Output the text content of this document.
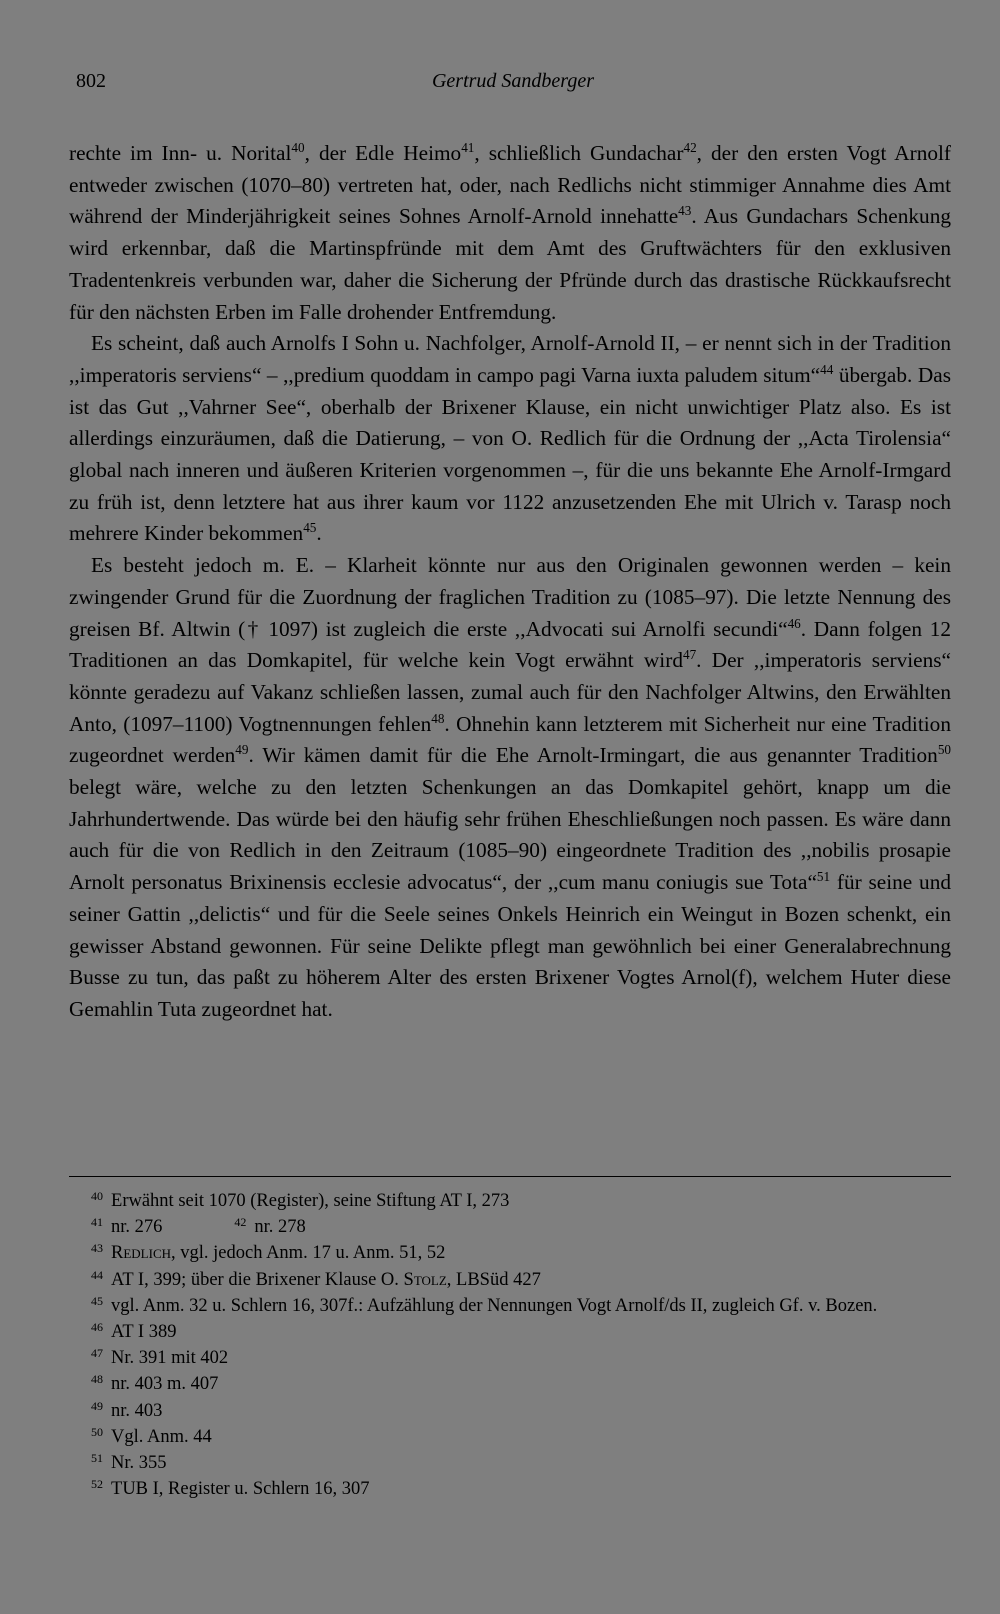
802	Gertrud Sandberger

rechte im Inn- u. Norital$^{40}$, der Edle Heimo$^{41}$, schließlich Gundachar$^{42}$, der den ersten Vogt Arnolf entweder zwischen (1070–80) vertreten hat, oder, nach Redlichs nicht stimmiger Annahme dies Amt während der Minderjährigkeit seines Sohnes Arnolf-Arnold innehatte$^{43}$. Aus Gundachars Schenkung wird erkennbar, daß die Martinspfründe mit dem Amt des Gruftwächters für den exklusiven Tradentenkreis verbunden war, daher die Sicherung der Pfründe durch das drastische Rückkaufsrecht für den nächsten Erben im Falle drohender Entfremdung.

Es scheint, daß auch Arnolfs I Sohn u. Nachfolger, Arnolf-Arnold II, – er nennt sich in der Tradition ,,imperatoris serviens“ – ,,predium quoddam in campo pagi Varna iuxta paludem situm“$^{44}$ übergab. Das ist das Gut ,,Vahrner See“, oberhalb der Brixener Klause, ein nicht unwichtiger Platz also. Es ist allerdings einzuräumen, daß die Datierung, – von O. Redlich für die Ordnung der ,,Acta Tirolensia“ global nach inneren und äußeren Kriterien vorgenommen –, für die uns bekannte Ehe Arnolf-Irmgard zu früh ist, denn letztere hat aus ihrer kaum vor 1122 anzusetzenden Ehe mit Ulrich v. Tarasp noch mehrere Kinder bekommen$^{45}$.

Es besteht jedoch m. E. – Klarheit könnte nur aus den Originalen gewonnen werden – kein zwingender Grund für die Zuordnung der fraglichen Tradition zu (1085–97). Die letzte Nennung des greisen Bf. Altwin († 1097) ist zugleich die erste ,,Advocati sui Arnolfi secundi“$^{46}$. Dann folgen 12 Traditionen an das Domkapitel, für welche kein Vogt erwähnt wird$^{47}$. Der ,,imperatoris serviens“ könnte geradezu auf Vakanz schließen lassen, zumal auch für den Nachfolger Altwins, den Erwählten Anto, (1097–1100) Vogtnennungen fehlen$^{48}$. Ohnehin kann letzterem mit Sicherheit nur eine Tradition zugeordnet werden$^{49}$. Wir kämen damit für die Ehe Arnolt-Irmingart, die aus genannter Tradition$^{50}$ belegt wäre, welche zu den letzten Schenkungen an das Domkapitel gehört, knapp um die Jahrhundertwende. Das würde bei den häufig sehr frühen Eheschließungen noch passen. Es wäre dann auch für die von Redlich in den Zeitraum (1085–90) eingeordnete Tradition des ,,nobilis prosapie Arnolt personatus Brixinensis ecclesie advocatus“, der ,,cum manu coniugis sue Tota“$^{51}$ für seine und seiner Gattin ,,delictis“ und für die Seele seines Onkels Heinrich ein Weingut in Bozen schenkt, ein gewisser Abstand gewonnen. Für seine Delikte pflegt man gewöhnlich bei einer Generalabrechnung Busse zu tun, das paßt zu höherem Alter des ersten Brixener Vogtes Arnol(f), welchem Huter diese Gemahlin Tuta zugeordnet hat.

$^{40}$ Erwähnt seit 1070 (Register), seine Stiftung AT I, 273

$^{41}$ nr. 276	$^{42}$ nr. 278

$^{43}$ Redlich, vgl. jedoch Anm. 17 u. Anm. 51, 52

$^{44}$ AT I, 399; über die Brixener Klause O. Stolz, LBSüd 427

$^{45}$ vgl. Anm. 32 u. Schlern 16, 307f.: Aufzählung der Nennungen Vogt Arnolf/ds II, zugleich Gf. v. Bozen.

$^{46}$ AT I 389

$^{47}$ Nr. 391 mit 402

$^{48}$ nr. 403 m. 407

$^{49}$ nr. 403

$^{50}$ Vgl. Anm. 44

$^{51}$ Nr. 355

$^{52}$ TUB I, Register u. Schlern 16, 307
